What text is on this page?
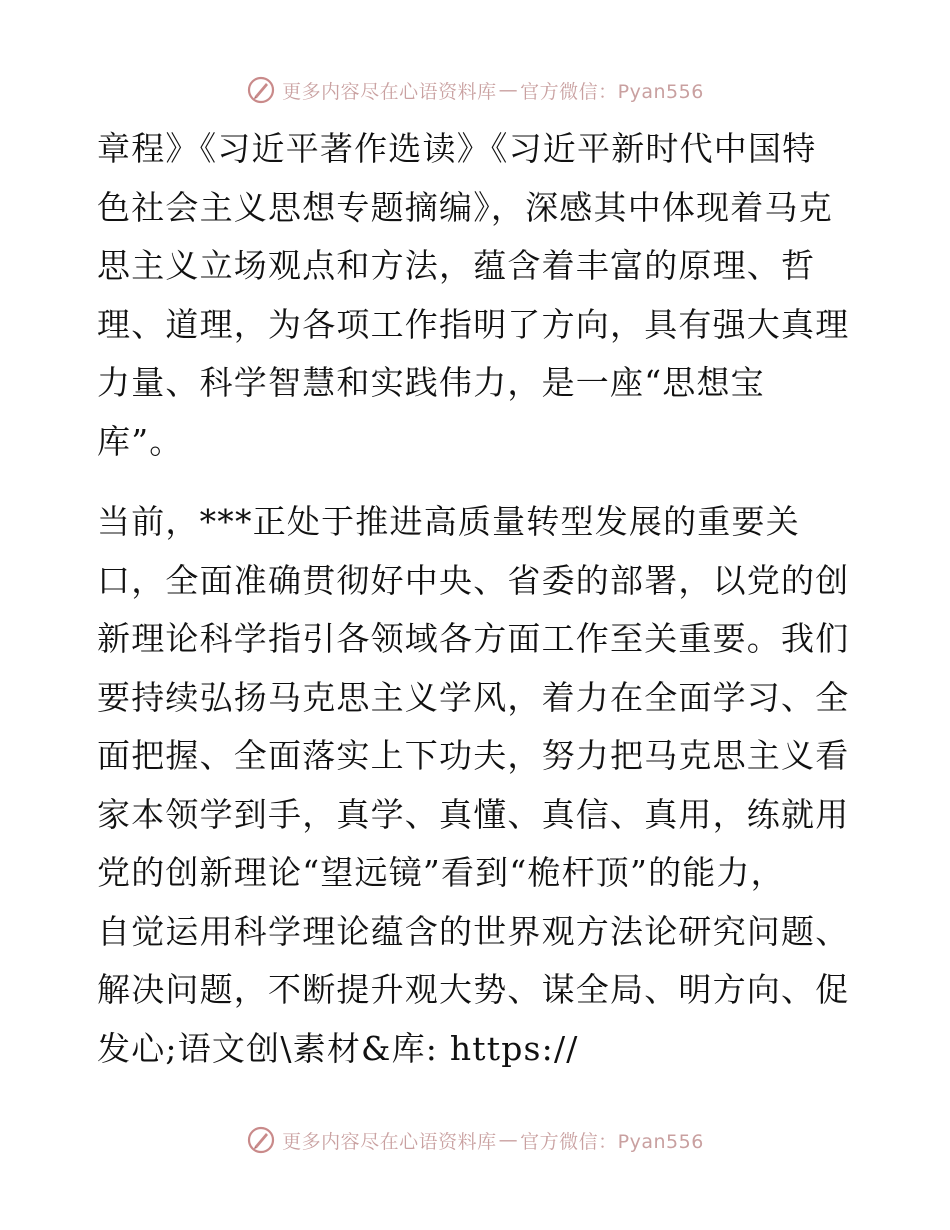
更多内容尽在心语资料库 — 官方微信：Pyan556

章程》《习近平著作选读》《习近平新时代中国特
色社会主义思想专题摘编》，深感其中体现着马克
思主义立场观点和方法，蕴含着丰富的原理、哲
理、道理，为各项工作指明了方向，具有强大真理
力量、科学智慧和实践伟力，是一座“思想宝
库”。

当前，***正处于推进高质量转型发展的重要关
口，全面准确贯彻好中央、省委的部署，以党的创
新理论科学指引各领域各方面工作至关重要。我们
要持续弘扬马克思主义学风，着力在全面学习、全
面把握、全面落实上下功夫，努力把马克思主义看
家本领学到手，真学、真懂、真信、真用，练就用
党的创新理论“望远镜”看到“桅杆顶”的能力，
自觉运用科学理论蕴含的世界观方法论研究问题、
解决问题，不断提升观大势、谋全局、明方向、促
发心;语文创\素材&库: https://

更多内容尽在心语资料库 — 官方微信：Pyan556
